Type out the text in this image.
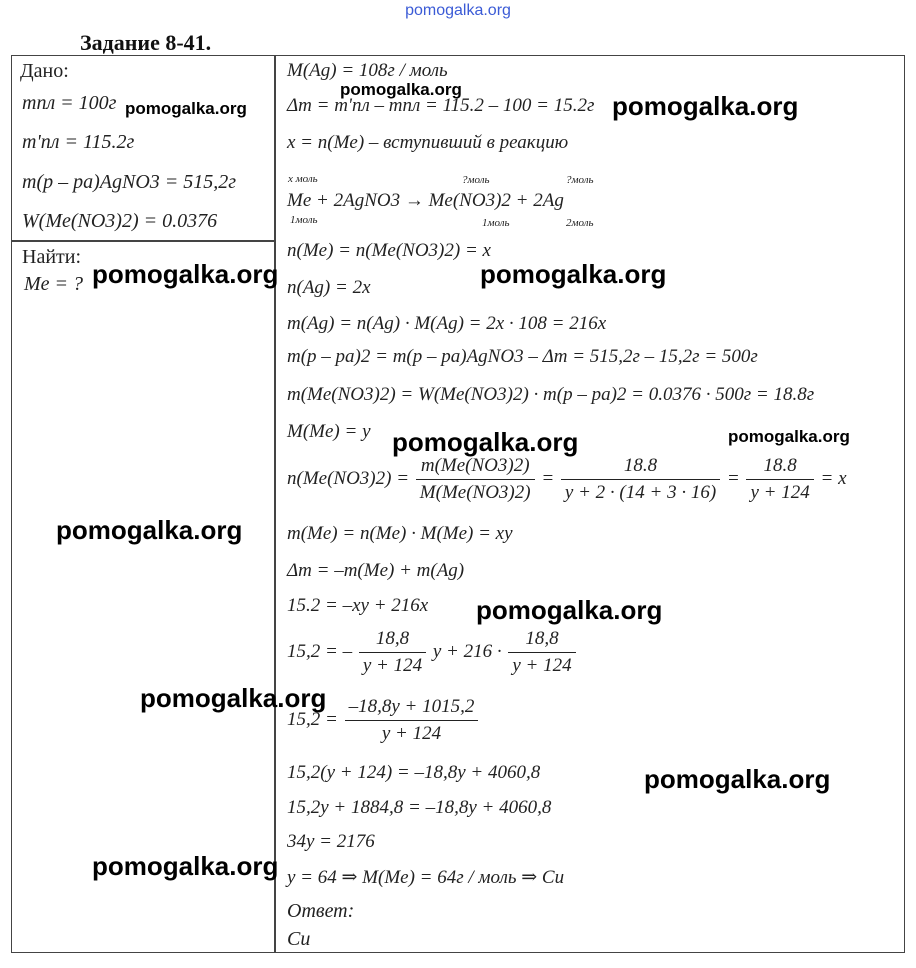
pomogalka.org
Задание 8-41.
Дано:
mпл = 100г
m'пл = 115.2г
m(р – ра)AgNO3 = 515,2г
W(Me(NO3)2) = 0.0376
Найти:
Me = ?
M(Ag) = 108г / моль
Δm = m'пл – mпл = 115.2 – 100 = 15.2г
x = n(Me) – вступивший в реакцию
x моль	?моль	?моль
Me + 2AgNO3 → Me(NO3)2 + 2Ag
1моль	1моль	2моль
n(Me) = n(Me(NO3)2) = x
n(Ag) = 2x
m(Ag) = n(Ag) · M(Ag) = 2x · 108 = 216x
m(р – ра)2 = m(р – ра)AgNO3 – Δm = 515,2г – 15,2г = 500г
m(Me(NO3)2) = W(Me(NO3)2) · m(р – ра)2 = 0.0376 · 500г = 18.8г
M(Me) = y
$n(Me(NO3)2) = \frac{m(Me(NO3)2)}{M(Me(NO3)2)} = \frac{18.8}{y + 2 \cdot (14 + 3 \cdot 16)} = \frac{18.8}{y + 124} = x$
m(Me) = n(Me) · M(Me) = xy
Δm = –m(Me) + m(Ag)
15.2 = –xy + 216x
15,2 = – $\frac{18,8}{y + 124}$ $y + 216 \cdot \frac{18,8}{y + 124}$
$15,2 = \frac{-18,8y + 1015,2}{y + 124}$
15,2(y + 124) = –18,8y + 4060,8
15,2y + 1884,8 = –18,8y + 4060,8
34y = 2176
y = 64 ⇒ M(Me) = 64г / моль ⇒ Cu
Ответ:
Cu
pomogalka.org
pomogalka.org
pomogalka.org
pomogalka.org	pomogalka.org
pomogalka.org	pomogalka.org
pomogalka.org
pomogalka.org
pomogalka.org
pomogalka.org
pomogalka.org
